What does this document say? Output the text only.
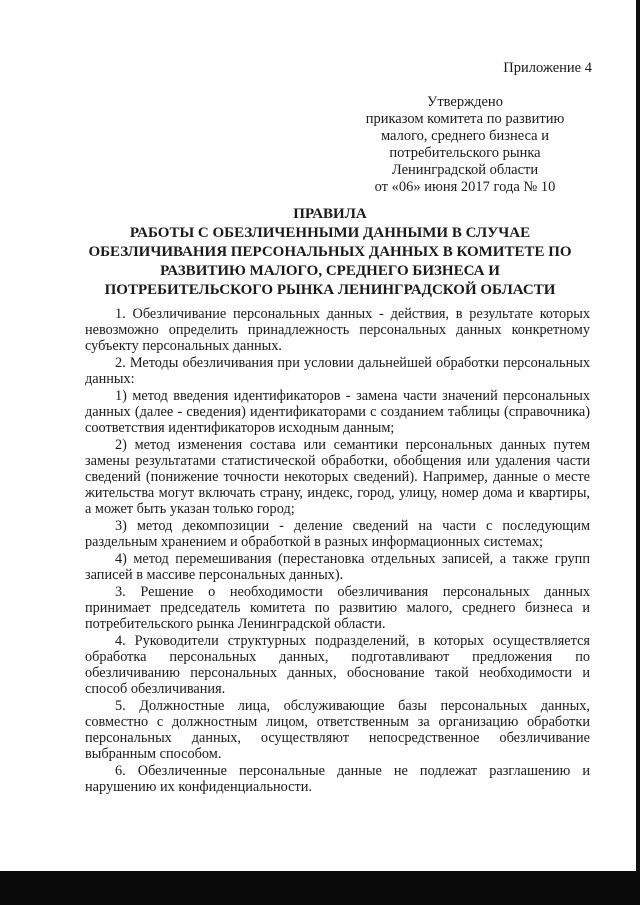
Приложение 4
Утверждено
приказом комитета по развитию
малого, среднего бизнеса и
потребительского рынка
Ленинградской области
от «06» июня 2017 года № 10
ПРАВИЛА
РАБОТЫ С ОБЕЗЛИЧЕННЫМИ ДАННЫМИ В СЛУЧАЕ
ОБЕЗЛИЧИВАНИЯ ПЕРСОНАЛЬНЫХ ДАННЫХ В КОМИТЕТЕ ПО
РАЗВИТИЮ МАЛОГО, СРЕДНЕГО БИЗНЕСА И
ПОТРЕБИТЕЛЬСКОГО РЫНКА ЛЕНИНГРАДСКОЙ ОБЛАСТИ

1. Обезличивание персональных данных - действия, в результате которых невозможно определить принадлежность персональных данных конкретному субъекту персональных данных.

2. Методы обезличивания при условии дальнейшей обработки персональных данных:

1) метод введения идентификаторов - замена части значений персональных данных (далее - сведения) идентификаторами с созданием таблицы (справочника) соответствия идентификаторов исходным данным;

2) метод изменения состава или семантики персональных данных путем замены результатами статистической обработки, обобщения или удаления части сведений (понижение точности некоторых сведений). Например, данные о месте жительства могут включать страну, индекс, город, улицу, номер дома и квартиры, а может быть указан только город;

3) метод декомпозиции - деление сведений на части с последующим раздельным хранением и обработкой в разных информационных системах;

4) метод перемешивания (перестановка отдельных записей, а также групп записей в массиве персональных данных).

3. Решение о необходимости обезличивания персональных данных принимает председатель комитета по развитию малого, среднего бизнеса и потребительского рынка Ленинградской области.

4. Руководители структурных подразделений, в которых осуществляется обработка персональных данных, подготавливают предложения по обезличиванию персональных данных, обоснование такой необходимости и способ обезличивания.

5. Должностные лица, обслуживающие базы персональных данных, совместно с должностным лицом, ответственным за организацию обработки персональных данных, осуществляют непосредственное обезличивание выбранным способом.

6. Обезличенные персональные данные не подлежат разглашению и нарушению их конфиденциальности.
